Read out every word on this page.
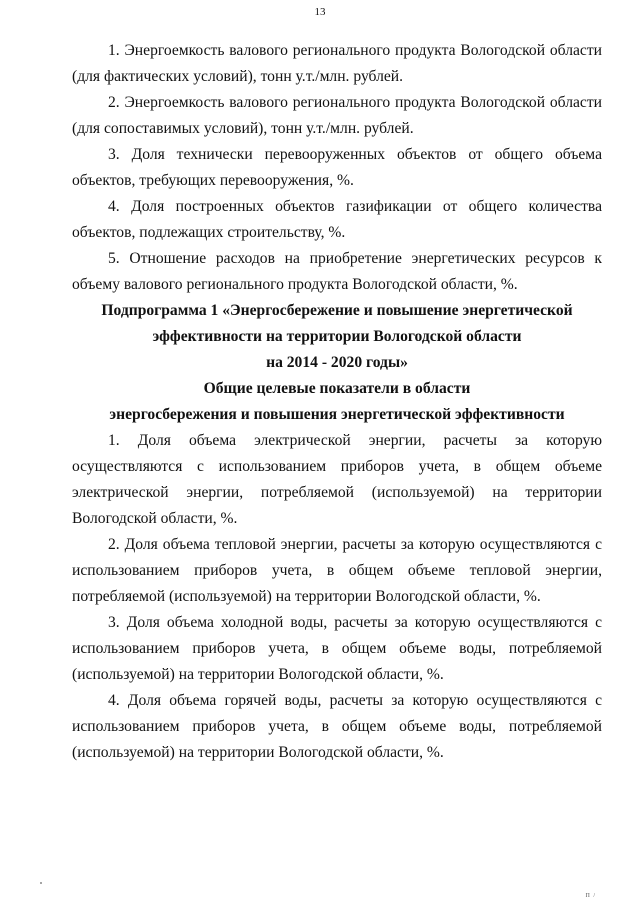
13

1. Энергоемкость валового регионального продукта Вологодской области (для фактических условий), тонн у.т./млн. рублей.

2. Энергоемкость валового регионального продукта Вологодской области (для сопоставимых условий), тонн у.т./млн. рублей.

3. Доля технически перевооруженных объектов от общего объема объектов, требующих перевооружения, %.

4. Доля построенных объектов газификации от общего количества объектов, подлежащих строительству, %.

5. Отношение расходов на приобретение энергетических ресурсов к объему валового регионального продукта Вологодской области, %.

Подпрограмма 1 «Энергосбережение и повышение энергетической

эффективности на территории Вологодской области

на 2014 - 2020 годы»

Общие целевые показатели в области

энергосбережения и повышения энергетической эффективности

1. Доля объема электрической энергии, расчеты за которую осуществляются с использованием приборов учета, в общем объеме электрической энергии, потребляемой (используемой) на территории Вологодской области, %.

2. Доля объема тепловой энергии, расчеты за которую осуществляются с использованием приборов учета, в общем объеме тепловой энергии, потребляемой (используемой) на территории Вологодской области, %.

3. Доля объема холодной воды, расчеты за которую осуществляются с использованием приборов учета, в общем объеме воды, потребляемой (используемой) на территории Вологодской области, %.

4. Доля объема горячей воды, расчеты за которую осуществляются с использованием приборов учета, в общем объеме воды, потребляемой (используемой) на территории Вологодской области, %.

П /
